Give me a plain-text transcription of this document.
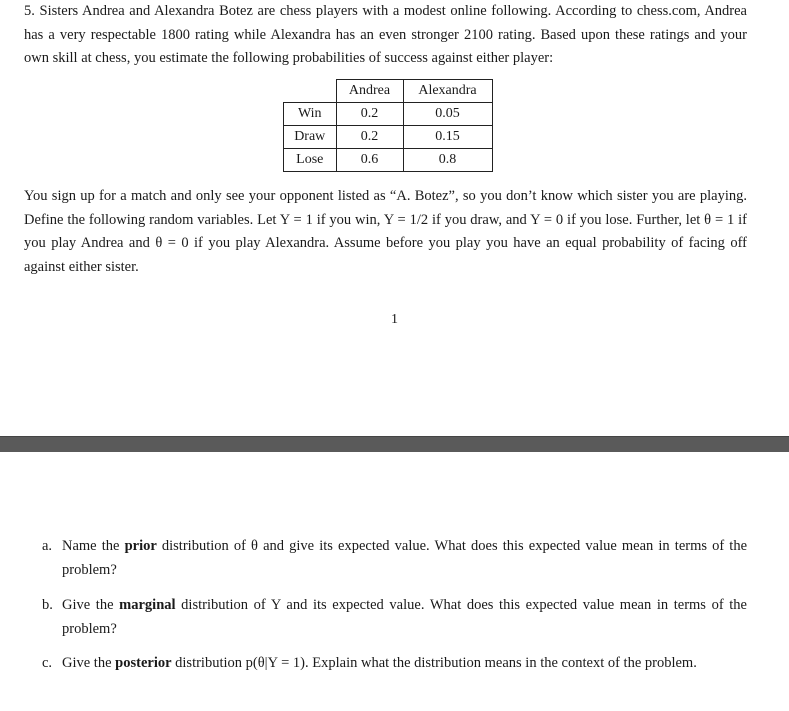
5. Sisters Andrea and Alexandra Botez are chess players with a modest online following. According to chess.com, Andrea has a very respectable 1800 rating while Alexandra has an even stronger 2100 rating. Based upon these ratings and your own skill at chess, you estimate the following probabilities of success against either player:
	Andrea	Alexandra
Win	0.2	0.05
Draw	0.2	0.15
Lose	0.6	0.8
You sign up for a match and only see your opponent listed as “A. Botez”, so you don’t know which sister you are playing. Define the following random variables. Let Y = 1 if you win, Y = 1/2 if you draw, and Y = 0 if you lose. Further, let θ = 1 if you play Andrea and θ = 0 if you play Alexandra. Assume before you play you have an equal probability of facing off against either sister.
1
a. Name the prior distribution of θ and give its expected value. What does this expected value mean in terms of the problem?
b. Give the marginal distribution of Y and its expected value. What does this expected value mean in terms of the problem?
c. Give the posterior distribution p(θ|Y = 1). Explain what the distribution means in the context of the problem.
